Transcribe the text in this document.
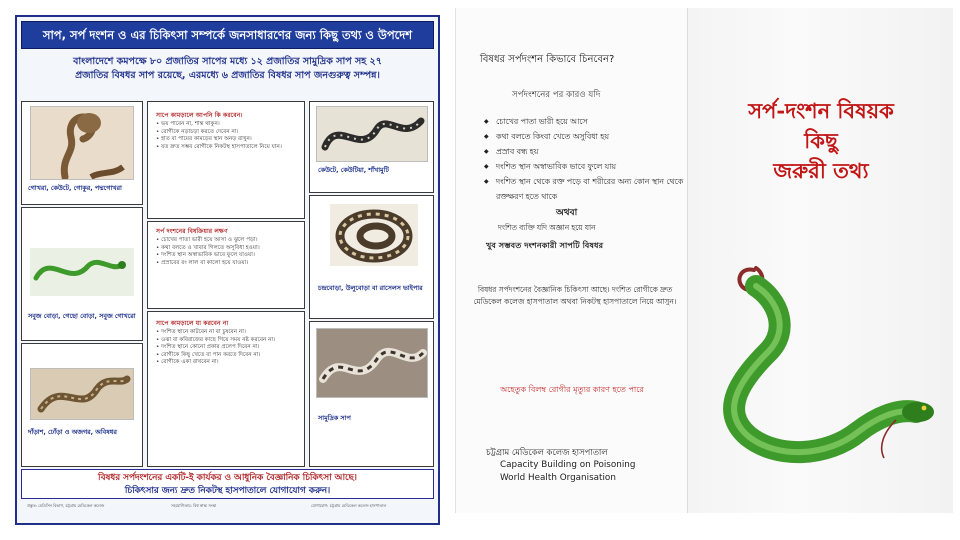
সাপ, সর্প দংশন ও এর চিকিৎসা সম্পর্কে জনসাধারণের জন্য কিছু তথ্য ও উপদেশ
বাংলাদেশে কমপক্ষে ৮০ প্রজাতির সাপের মধ্যে ১২ প্রজাতির সামুদ্রিক সাপ সহ ২৭
প্রজাতির বিষধর সাপ রয়েছে, এরমধ্যে ৬ প্রজাতির বিষধর সাপ জনগুরুত্ব সম্পন্ন।
গোখরা, কেউটে, গোকুর, পদ্মগোখরা
সবুজ বোড়া, গেছো বোড়া, সবুজ গোখরো
দাঁড়াশ, ঢোঁড়া ও অজগর, অবিষধর
সাপে কামড়ালে আপনি কি করবেন।
• ভয় পাবেন না, শান্ত থাকুন।
• রোগীকে নড়াচড়া করতে দেবেন না।
• হাত বা পায়ের কামড়ের স্থান অনড় রাখুন।
• যত দ্রুত সম্ভব রোগীকে নিকটস্থ হাসপাতালে নিয়ে যান।
সর্প দংশনের বিষক্রিয়ার লক্ষণ
• চোখের পাতা ভারী হয়ে আসা ও ঝুলে পড়া।
• কথা বলতে ও খাবার গিলতে অসুবিধা হওয়া।
• দংশিত স্থান অস্বাভাবিক ভাবে ফুলে যাওয়া।
• প্রস্রাবের রং লাল বা কালো হয়ে যাওয়া।
সাপে কামড়ালে যা করবেন না
• দংশিত স্থানে কাটবেন না বা চুষবেন না।
• ওঝা বা কবিরাজের কাছে গিয়ে সময় নষ্ট করবেন না।
• দংশিত স্থানে কোনো প্রকার প্রলেপ দিবেন না।
• রোগীকে কিছু খেতে বা পান করতে দিবেন না।
• রোগীকে একা রাখবেন না।
কেউটে, কেউটিয়া, শাঁখামুটি
চন্দ্রবোড়া, উলুবোড়া বা রাসেলস ভাইপার
সামুদ্রিক সাপ
বিষধর সর্পদংশনের একটি-ই কার্যকর ও আধুনিক বৈজ্ঞানিক চিকিৎসা আছে।
চিকিৎসার জন্য দ্রুত নিকটস্থ হাসপাতালে যোগাযোগ করুন।
প্রস্তুত: মেডিসিন বিভাগ, চট্টগ্রাম মেডিকেল কলেজ	সহযোগিতায়: বিশ্ব স্বাস্থ্য সংস্থা	যোগাযোগ: চট্টগ্রাম মেডিকেল কলেজ হাসপাতাল
বিষধর সর্পদংশন কিভাবে চিনবেন?
সর্পদংশনের পর কারও যদি
◆ চোখের পাতা ভারী হয়ে আসে
◆ কথা বলতে কিংবা খেতে অসুবিধা হয়
◆ প্রস্রাব বন্ধ হয়
◆ দংশিত স্থান অস্বাভাবিক ভাবে ফুলে যায়
◆ দংশিত স্থান থেকে রক্ত পড়ে বা শরীরের অন্য কোন স্থান থেকে রক্তক্ষরণ হতে থাকে
অথবা
দংশিত ব্যক্তি যদি অজ্ঞান হয়ে যান
খুব সম্ভবত দংশনকারী সাপটি বিষধর
বিষধর সর্পদংশনের বৈজ্ঞানিক চিকিৎসা আছে। দংশিত রোগীকে দ্রুত মেডিকেল কলেজ হাসপাতাল অথবা নিকটস্থ হাসপাতালে নিয়ে আসুন।
অহেতুক বিলম্ব রোগীর মৃত্যুর কারণ হতে পারে
চট্টগ্রাম মেডিকেল কলেজ হাসপাতাল
Capacity Building on Poisoning
World Health Organisation
সর্প-দংশন বিষয়ক
কিছু
জরুরী তথ্য
